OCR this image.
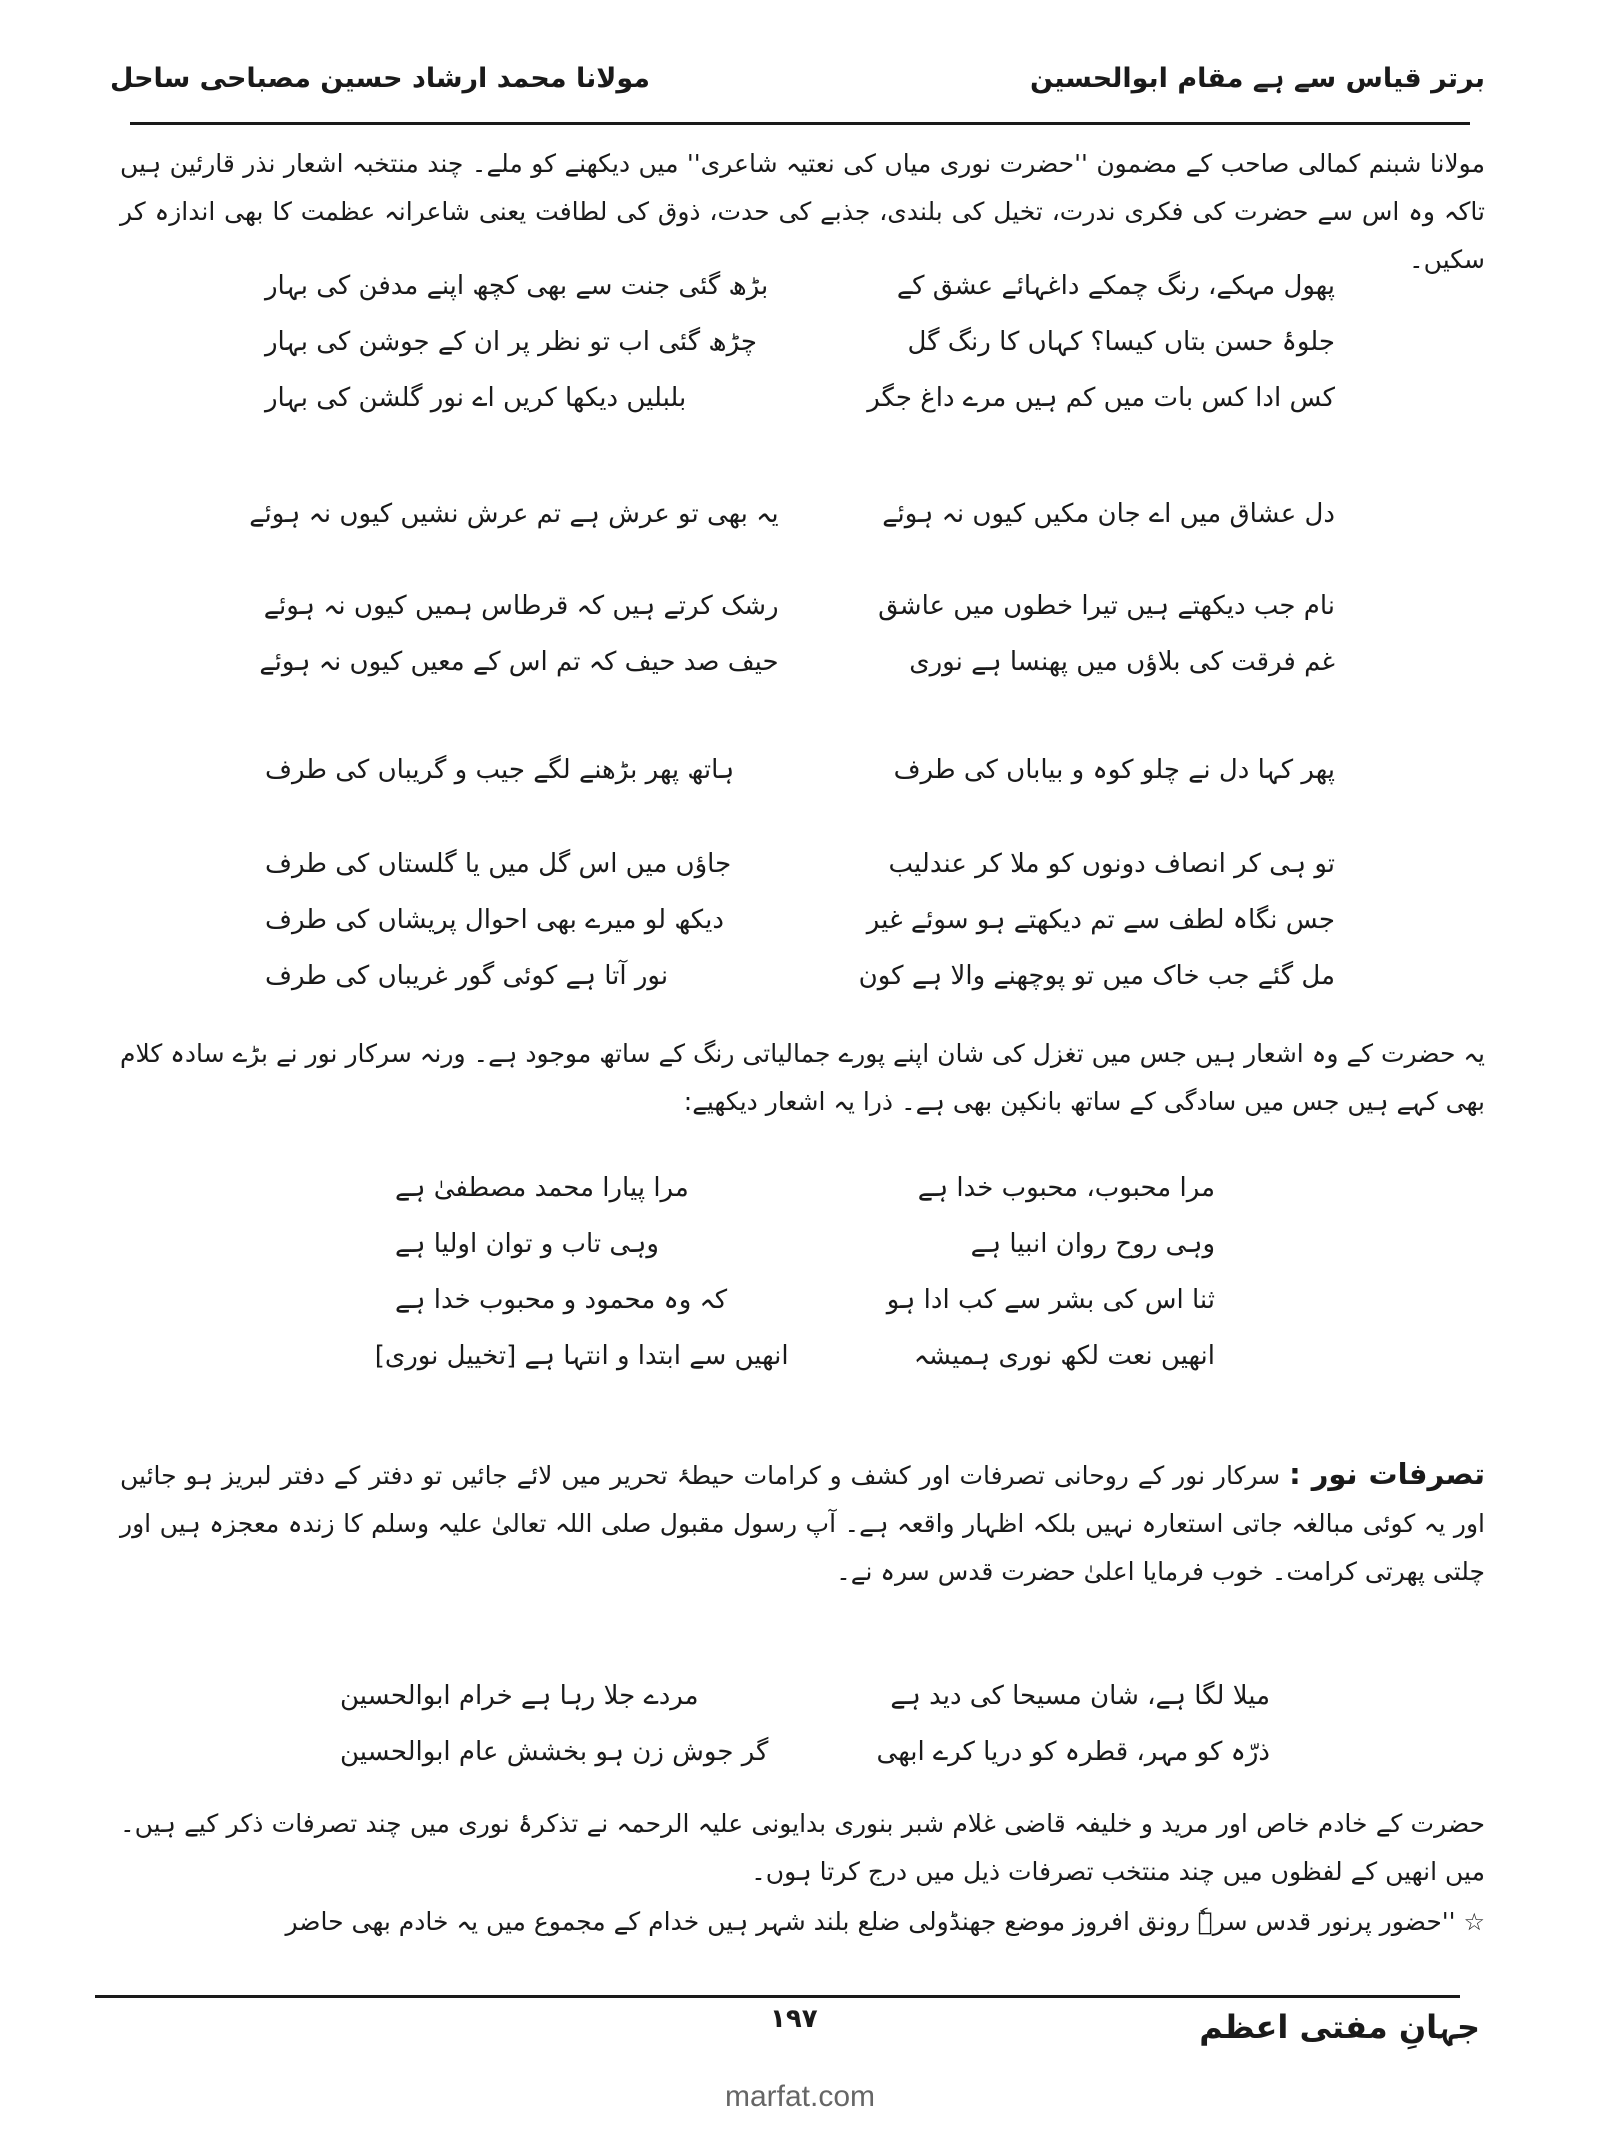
برتر قیاس سے ہے مقام ابوالحسین
مولانا محمد ارشاد حسین مصباحی ساحل

مولانا شبنم کمالی صاحب کے مضمون ''حضرت نوری میاں کی نعتیہ شاعری'' میں دیکھنے کو ملے۔ چند منتخبہ اشعار نذر قارئین ہیں تاکہ وہ اس سے حضرت کی فکری ندرت، تخیل کی بلندی، جذبے کی حدت، ذوق کی لطافت یعنی شاعرانہ عظمت کا بھی اندازہ کر سکیں۔

پھول مہکے، رنگ چمکے داغہائے عشق کے
بڑھ گئی جنت سے بھی کچھ اپنے مدفن کی بہار
جلوۂ حسن بتاں کیسا؟ کہاں کا رنگ گل
چڑھ گئی اب تو نظر پر ان کے جوشن کی بہار
کس ادا کس بات میں کم ہیں مرے داغ جگر
بلبلیں دیکھا کریں اے نور گلشن کی بہار
دل عشاق میں اے جان مکیں کیوں نہ ہوئے
یہ بھی تو عرش ہے تم عرش نشیں کیوں نہ ہوئے
نام جب دیکھتے ہیں تیرا خطوں میں عاشق
رشک کرتے ہیں کہ قرطاس ہمیں کیوں نہ ہوئے
غم فرقت کی بلاؤں میں پھنسا ہے نوری
حیف صد حیف کہ تم اس کے معیں کیوں نہ ہوئے
پھر کہا دل نے چلو کوہ و بیاباں کی طرف
ہاتھ پھر بڑھنے لگے جیب و گریباں کی طرف
تو ہی کر انصاف دونوں کو ملا کر عندلیب
جاؤں میں اس گل میں یا گلستاں کی طرف
جس نگاہ لطف سے تم دیکھتے ہو سوئے غیر
دیکھ لو میرے بھی احوال پریشاں کی طرف
مل گئے جب خاک میں تو پوچھنے والا ہے کون
نور آتا ہے کوئی گور غریباں کی طرف

یہ حضرت کے وہ اشعار ہیں جس میں تغزل کی شان اپنے پورے جمالیاتی رنگ کے ساتھ موجود ہے۔ ورنہ سرکار نور نے بڑے سادہ کلام بھی کہے ہیں جس میں سادگی کے ساتھ بانکپن بھی ہے۔ ذرا یہ اشعار دیکھیے:

مرا محبوب، محبوب خدا ہے
مرا پیارا محمد مصطفیٰ ہے
وہی روح روان انبیا ہے
وہی تاب و توان اولیا ہے
ثنا اس کی بشر سے کب ادا ہو
کہ وہ محمود و محبوب خدا ہے
انھیں نعت لکھ نوری ہمیشہ
انھیں سے ابتدا و انتہا ہے [تخییل نوری]

تصرفات نور : سرکار نور کے روحانی تصرفات اور کشف و کرامات حیطۂ تحریر میں لائے جائیں تو دفتر کے دفتر لبریز ہو جائیں اور یہ کوئی مبالغہ جاتی استعارہ نہیں بلکہ اظہار واقعہ ہے۔ آپ رسول مقبول صلی اللہ تعالیٰ علیہ وسلم کا زندہ معجزہ ہیں اور چلتی پھرتی کرامت۔ خوب فرمایا اعلیٰ حضرت قدس سرہ نے۔

میلا لگا ہے، شان مسیحا کی دید ہے
مردے جلا رہا ہے خرام ابوالحسین
ذرّہ کو مہر، قطرہ کو دریا کرے ابھی
گر جوش زن ہو بخشش عام ابوالحسین

حضرت کے خادم خاص اور مرید و خلیفہ قاضی غلام شبر بنوری بدایونی علیہ الرحمہ نے تذکرۂ نوری میں چند تصرفات ذکر کیے ہیں۔ میں انھیں کے لفظوں میں چند منتخب تصرفات ذیل میں درج کرتا ہوں۔

☆ ''حضور پرنور قدس سرہٗ رونق افروز موضع جھنڈولی ضلع بلند شہر ہیں خدام کے مجموع میں یہ خادم بھی حاضر

جہانِ مفتی اعظم
۱۹۷
marfat.com
